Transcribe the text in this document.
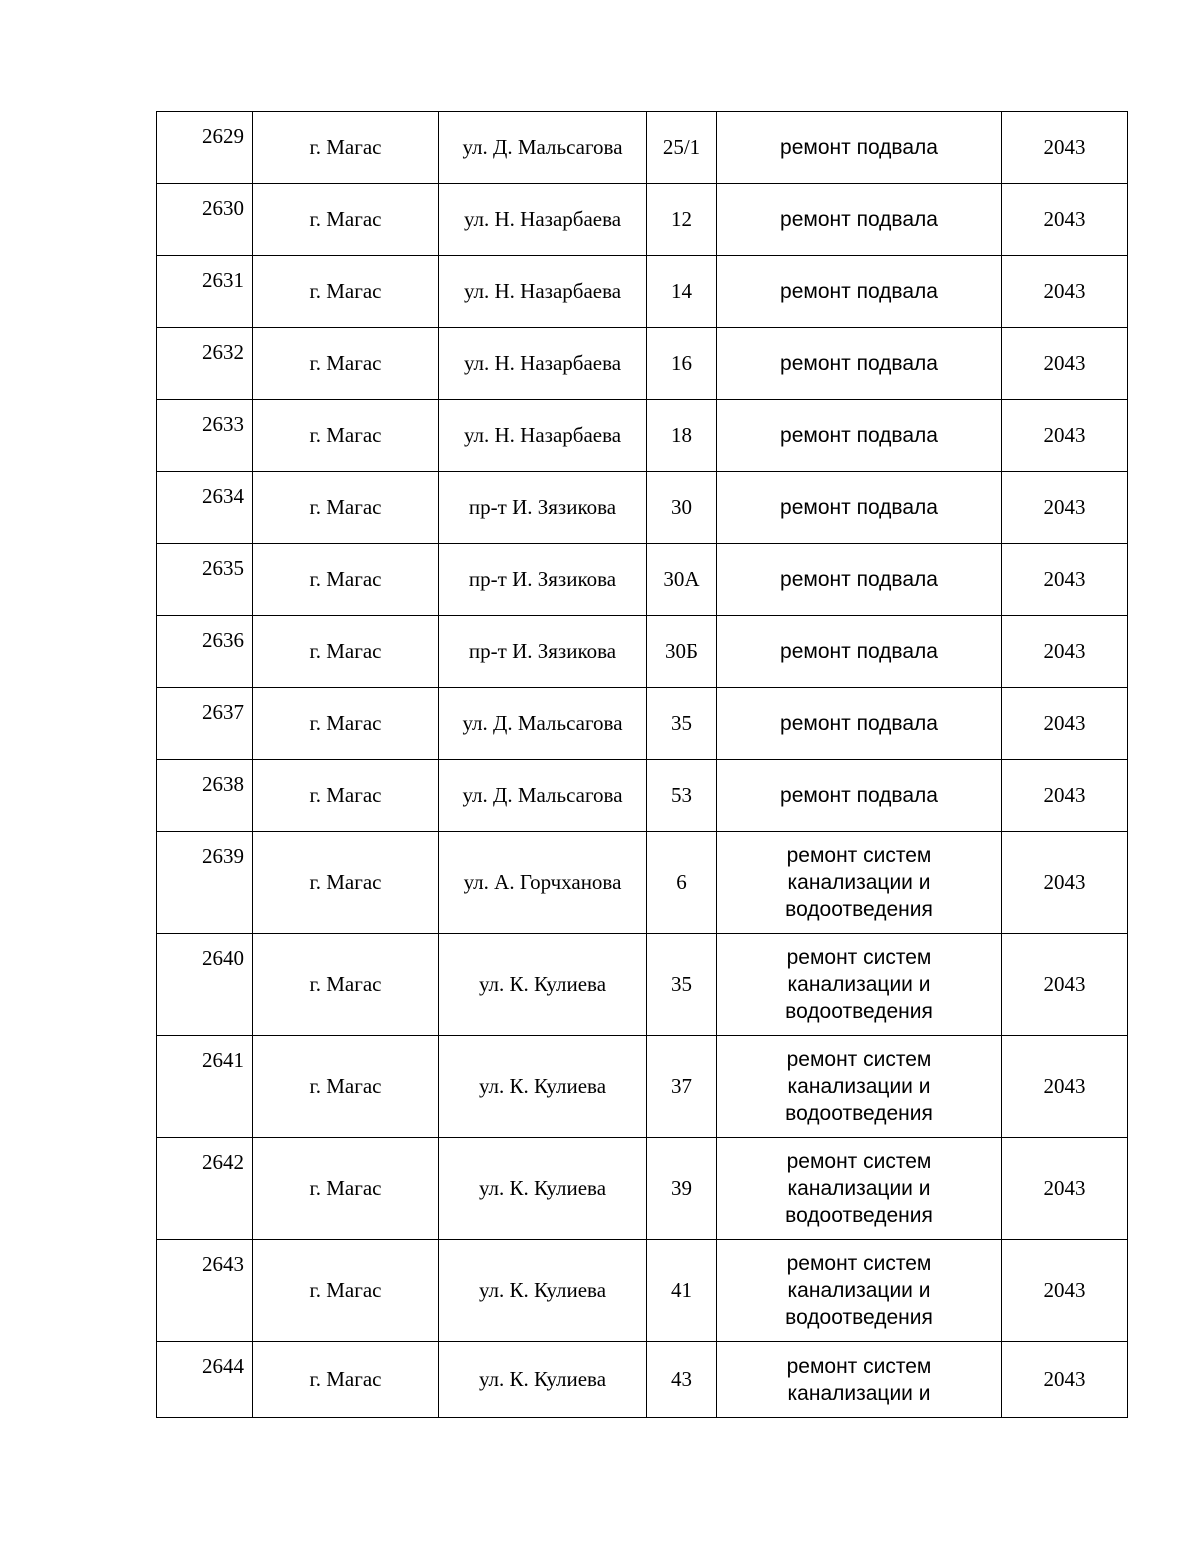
2629	г. Магас	ул. Д. Мальсагова	25/1	ремонт подвала	2043
2630	г. Магас	ул. Н. Назарбаева	12	ремонт подвала	2043
2631	г. Магас	ул. Н. Назарбаева	14	ремонт подвала	2043
2632	г. Магас	ул. Н. Назарбаева	16	ремонт подвала	2043
2633	г. Магас	ул. Н. Назарбаева	18	ремонт подвала	2043
2634	г. Магас	пр-т И. Зязикова	30	ремонт подвала	2043
2635	г. Магас	пр-т И. Зязикова	30А	ремонт подвала	2043
2636	г. Магас	пр-т И. Зязикова	30Б	ремонт подвала	2043
2637	г. Магас	ул. Д. Мальсагова	35	ремонт подвала	2043
2638	г. Магас	ул. Д. Мальсагова	53	ремонт подвала	2043
2639	г. Магас	ул. А. Горчханова	6	ремонт систем
канализации и
водоотведения	2043
2640	г. Магас	ул. К. Кулиева	35	ремонт систем
канализации и
водоотведения	2043
2641	г. Магас	ул. К. Кулиева	37	ремонт систем
канализации и
водоотведения	2043
2642	г. Магас	ул. К. Кулиева	39	ремонт систем
канализации и
водоотведения	2043
2643	г. Магас	ул. К. Кулиева	41	ремонт систем
канализации и
водоотведения	2043
2644	г. Магас	ул. К. Кулиева	43	ремонт систем
канализации и	2043
